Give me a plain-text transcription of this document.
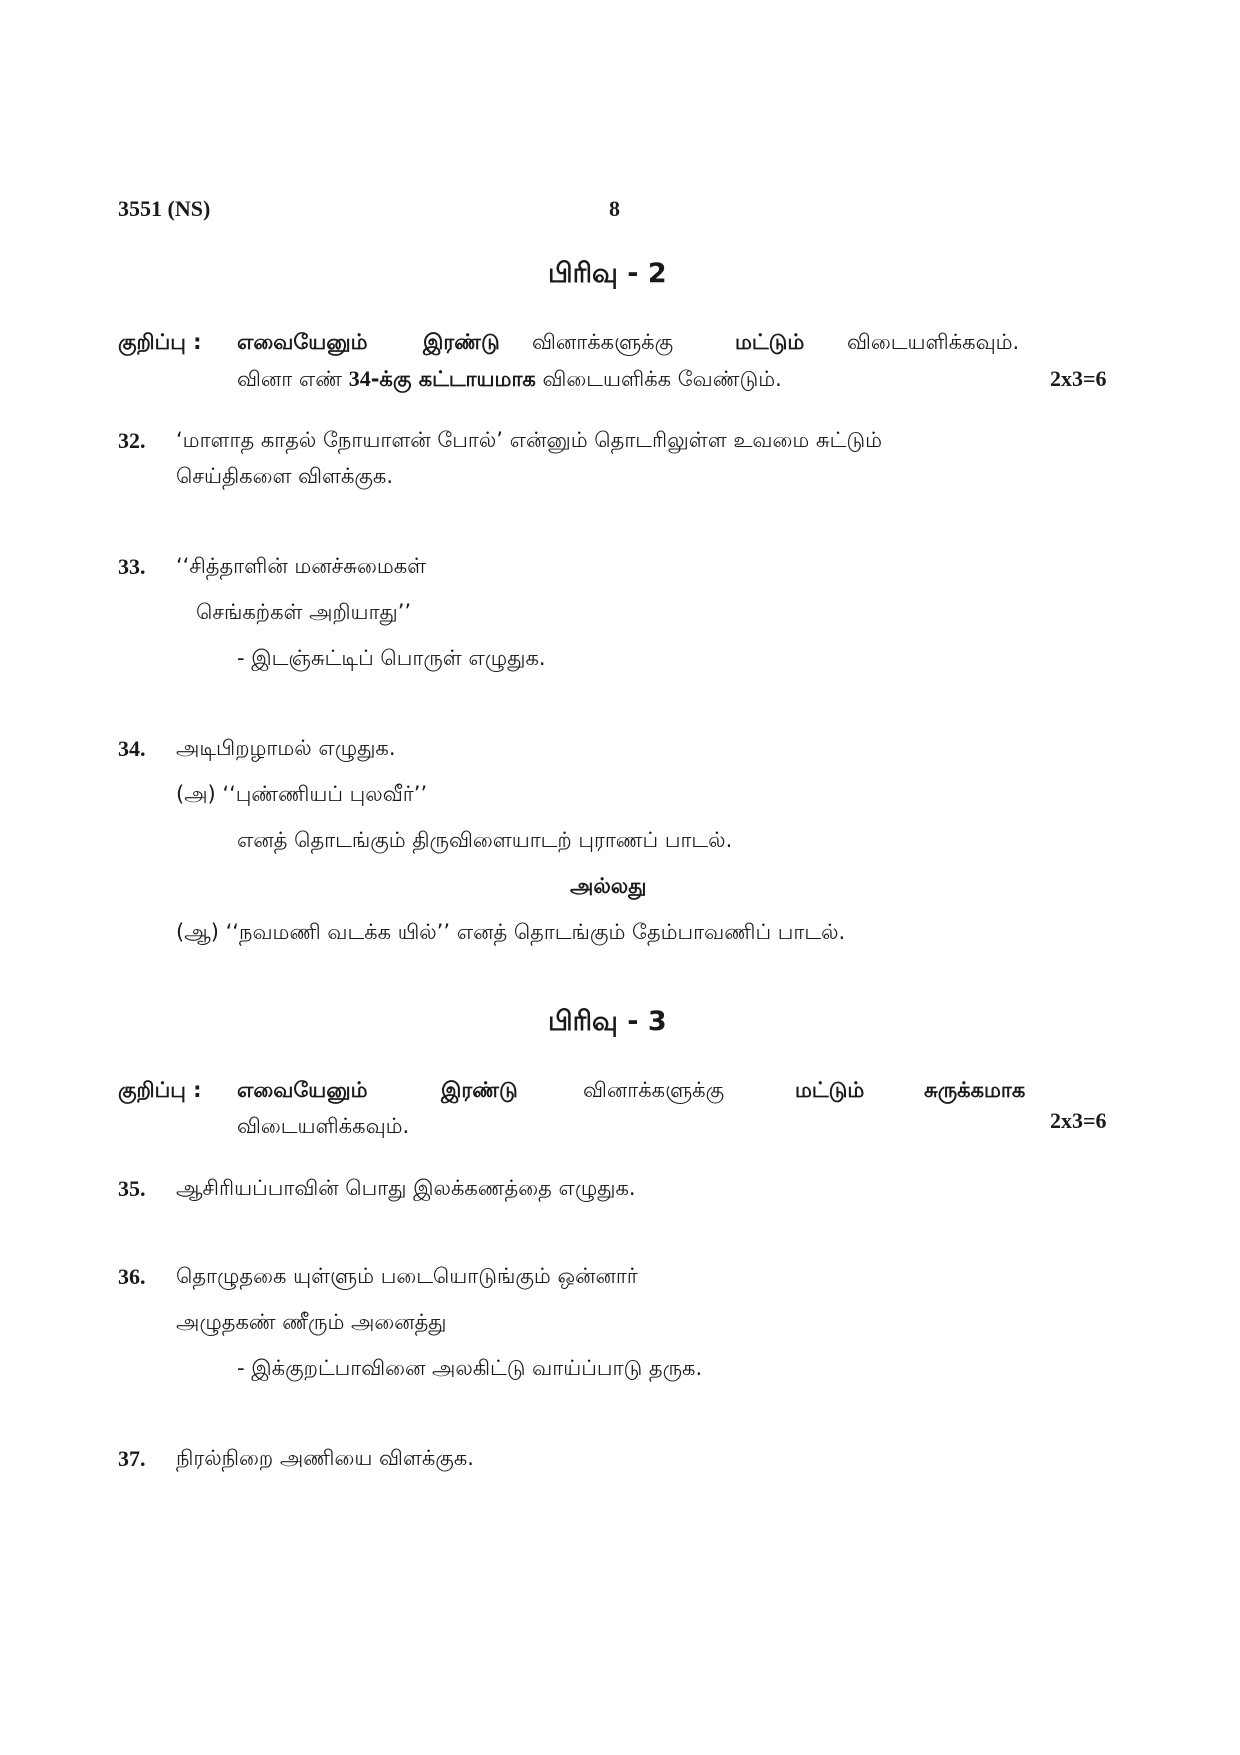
3551 (NS)	8
பிரிவு - 2
குறிப்பு : எவையேனும்	இரண்டு வினாக்களுக்கு	மட்டும் விடையளிக்கவும்.
வினா எண் 34-க்கு கட்டாயமாக விடையளிக்க வேண்டும்.	2x3=6
32. ‘மாளாத காதல் நோயாளன் போல்’ என்னும் தொடரிலுள்ள உவமை சுட்டும்
செய்திகளை விளக்குக.
33. ‘‘சித்தாளின் மனச்சுமைகள்
செங்கற்கள் அறியாது’’
- இடஞ்சுட்டிப் பொருள் எழுதுக.
34. அடிபிறழாமல் எழுதுக.
(அ) ‘‘புண்ணியப் புலவீர்’’
எனத் தொடங்கும் திருவிளையாடற் புராணப் பாடல்.
அல்லது
(ஆ) ‘‘நவமணி வடக்க யில்’’ எனத் தொடங்கும் தேம்பாவணிப் பாடல்.
பிரிவு - 3
குறிப்பு : எவையேனும்	இரண்டு	வினாக்களுக்கு	மட்டும்	சுருக்கமாக
விடையளிக்கவும்.	2x3=6
35. ஆசிரியப்பாவின் பொது இலக்கணத்தை எழுதுக.
36. தொழுதகை யுள்ளும் படையொடுங்கும் ஒன்னார்
அழுதகண் ணீரும் அனைத்து
- இக்குறட்பாவினை அலகிட்டு வாய்ப்பாடு தருக.
37. நிரல்நிறை அணியை விளக்குக.
